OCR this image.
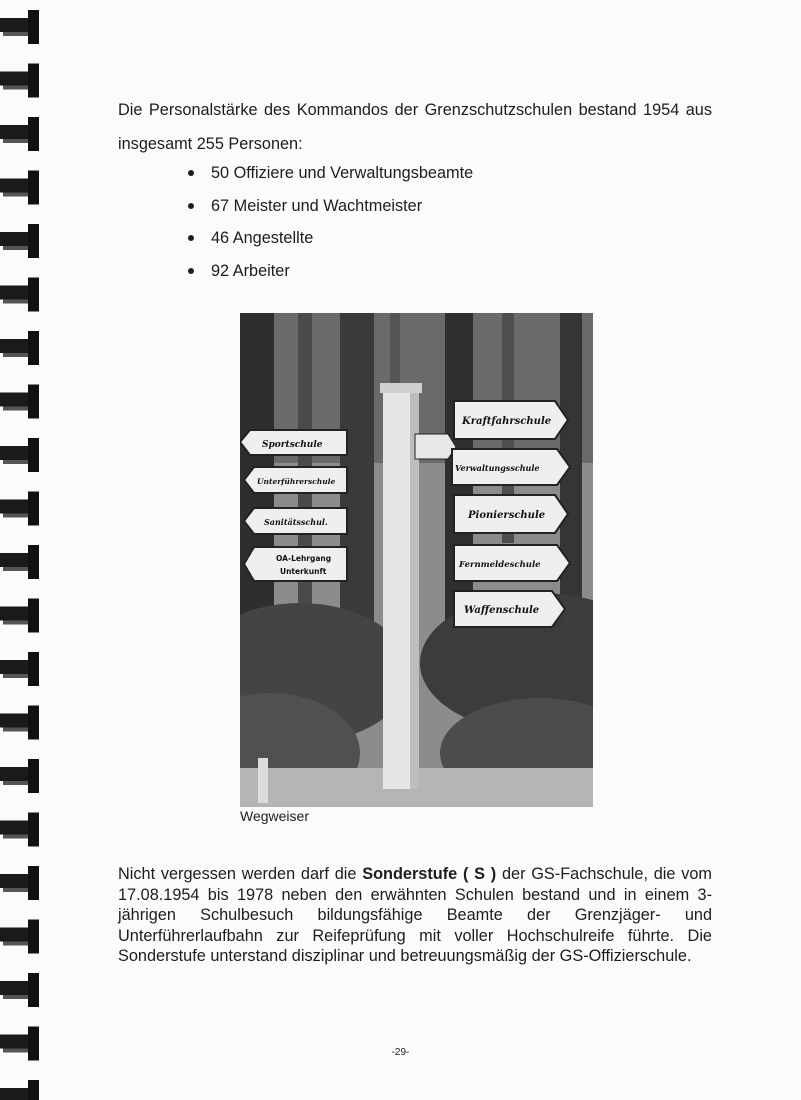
Die Personalstärke des Kommandos der Grenzschutzschulen bestand 1954 aus insgesamt 255 Personen:

50 Offiziere und Verwaltungsbeamte
67 Meister und Wachtmeister
46 Angestellte
92 Arbeiter
Sportschule
Unterführerschule
Sanitätsschul.
OA-Lehrgang
Unterkunft
Kraftfahrschule
Verwaltungsschule
Pionierschule
Fernmeldeschule
Waffenschule
Wegweiser

Nicht vergessen werden darf die Sonderstufe ( S ) der GS-Fachschule, die vom 17.08.1954 bis 1978 neben den erwähnten Schulen bestand und in einem 3-jährigen Schulbesuch bildungsfähige Beamte der Grenzjäger- und Unterführerlaufbahn zur Reifeprüfung mit voller Hochschulreife führte. Die Sonderstufe unterstand disziplinar und betreuungsmäßig der GS-Offizierschule.

-29-
